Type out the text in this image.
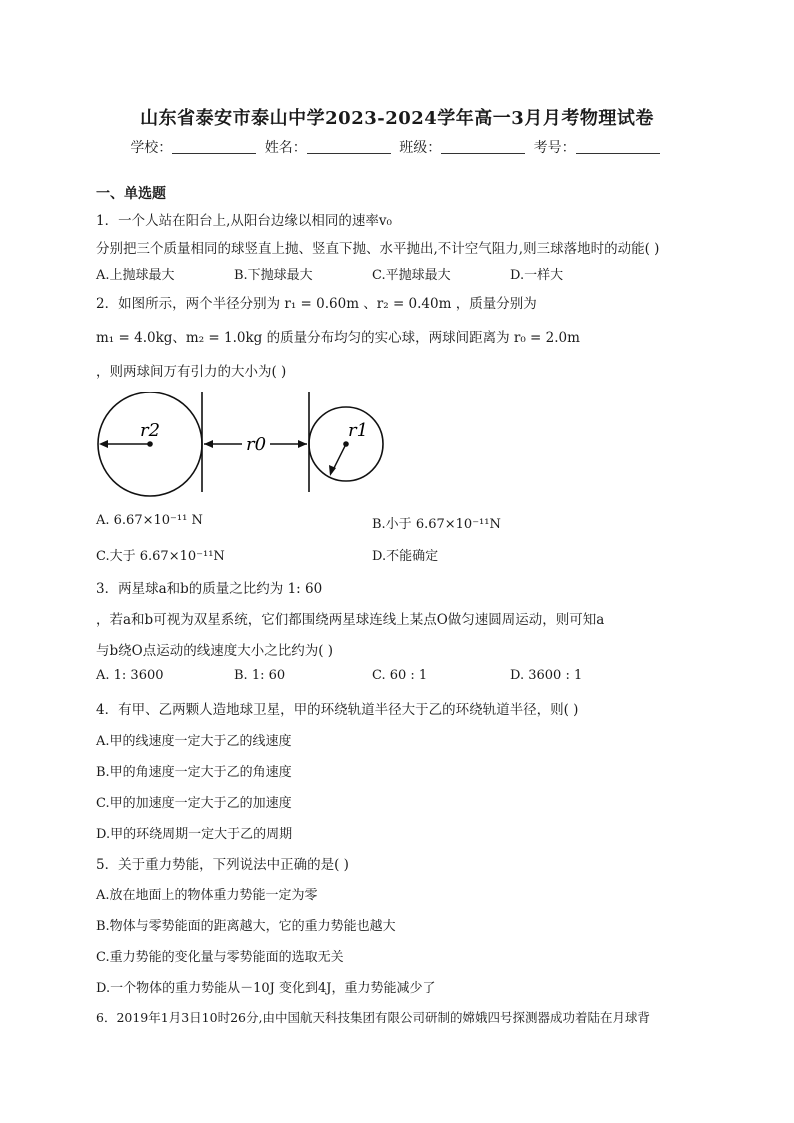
山东省泰安市泰山中学2023-2024学年高一3月月考物理试卷
学校：	姓名：	班级：	考号：
一、单选题
1．一个人站在阳台上,从阳台边缘以相同的速率v₀
分别把三个质量相同的球竖直上抛、竖直下抛、水平抛出,不计空气阻力,则三球落地时的动能( )
A.上抛球最大	B.下抛球最大	C.平抛球最大	D.一样大
2．如图所示，两个半径分别为 r₁ = 0.60m 、r₂ = 0.40m ，质量分别为
m₁ = 4.0kg、m₂ = 1.0kg 的质量分布均匀的实心球，两球间距离为 r₀ = 2.0m
，则两球间万有引力的大小为( )
r2
r0
r1
A. 6.67×10⁻¹¹ N	B.小于 6.67×10⁻¹¹N
C.大于 6.67×10⁻¹¹N	D.不能确定
3．两星球a和b的质量之比约为 1: 60
，若a和b可视为双星系统，它们都围绕两星球连线上某点O做匀速圆周运动，则可知a
与b绕O点运动的线速度大小之比约为( )
A. 1: 3600	B. 1: 60	C. 60 : 1	D. 3600 : 1
4．有甲、乙两颗人造地球卫星，甲的环绕轨道半径大于乙的环绕轨道半径，则( )
A.甲的线速度一定大于乙的线速度
B.甲的角速度一定大于乙的角速度
C.甲的加速度一定大于乙的加速度
D.甲的环绕周期一定大于乙的周期
5．关于重力势能，下列说法中正确的是( )
A.放在地面上的物体重力势能一定为零
B.物体与零势能面的距离越大，它的重力势能也越大
C.重力势能的变化量与零势能面的选取无关
D.一个物体的重力势能从－10J 变化到4J，重力势能减少了
6．2019年1月3日10时26分,由中国航天科技集团有限公司研制的嫦娥四号探测器成功着陆在月球背
